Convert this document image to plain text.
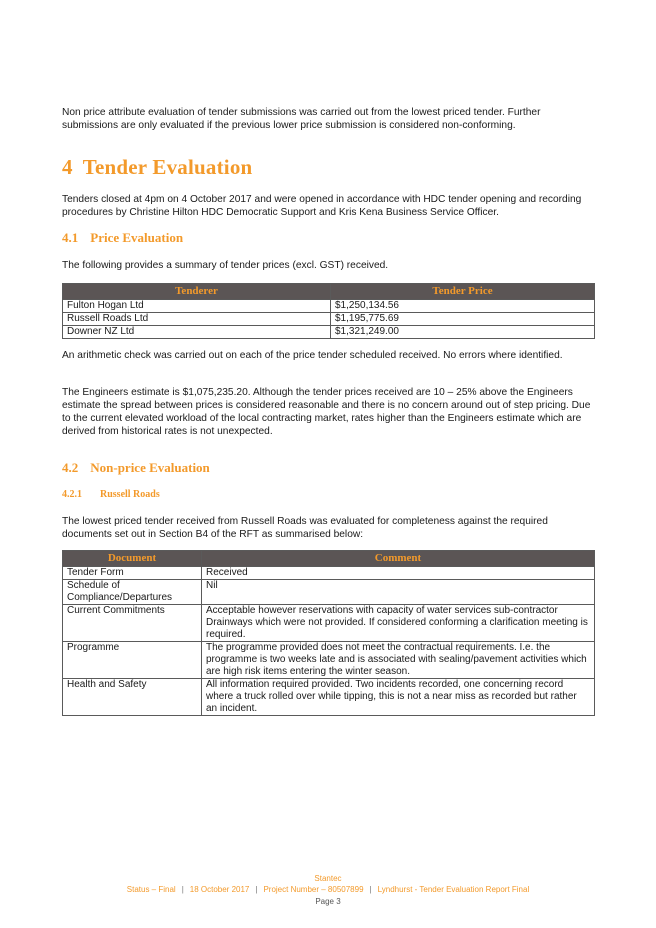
Non price attribute evaluation of tender submissions was carried out from the lowest priced tender. Further submissions are only evaluated if the previous lower price submission is considered non-conforming.

4 Tender Evaluation

Tenders closed at 4pm on 4 October 2017 and were opened in accordance with HDC tender opening and recording procedures by Christine Hilton HDC Democratic Support and Kris Kena Business Service Officer.

4.1 Price Evaluation

The following provides a summary of tender prices (excl. GST) received.

Tenderer	Tender Price
Fulton Hogan Ltd	$1,250,134.56
Russell Roads Ltd	$1,195,775.69
Downer NZ Ltd	$1,321,249.00

An arithmetic check was carried out on each of the price tender scheduled received. No errors where identified.

The Engineers estimate is $1,075,235.20. Although the tender prices received are 10 – 25% above the Engineers estimate the spread between prices is considered reasonable and there is no concern around out of step pricing. Due to the current elevated workload of the local contracting market, rates higher than the Engineers estimate which are derived from historical rates is not unexpected.

4.2 Non-price Evaluation
4.2.1 Russell Roads

The lowest priced tender received from Russell Roads was evaluated for completeness against the required documents set out in Section B4 of the RFT as summarised below:

Document	Comment
Tender Form	Received
Schedule of Compliance/Departures	Nil
Current Commitments	Acceptable however reservations with capacity of water services sub-contractor Drainways which were not provided. If considered conforming a clarification meeting is required.
Programme	The programme provided does not meet the contractual requirements. I.e. the programme is two weeks late and is associated with sealing/pavement activities which are high risk items entering the winter season.
Health and Safety	All information required provided. Two incidents recorded, one concerning record where a truck rolled over while tipping, this is not a near miss as recorded but rather an incident.
Stantec
Status – Final | 18 October 2017 | Project Number – 80507899 | Lyndhurst - Tender Evaluation Report Final
Page 3
